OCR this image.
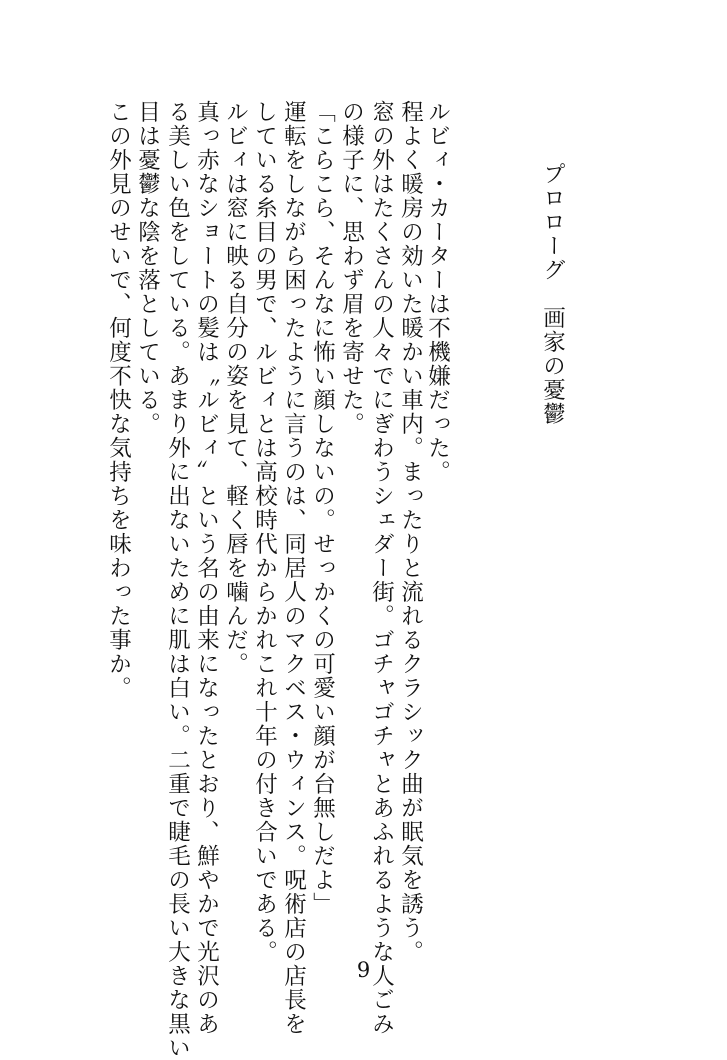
プロローグ　画家の憂鬱
ルビィ・カーターは不機嫌だった。
程よく暖房の効いた暖かい車内。まったりと流れるクラシック曲が眠気を誘う。
窓の外はたくさんの人々でにぎわうシェダー街。ゴチャゴチャとあふれるような人ごみ
の様子に、思わず眉を寄せた。
「こらこら、そんなに怖い顔しないの。せっかくの可愛い顔が台無しだよ」
運転をしながら困ったように言うのは、同居人のマクベス・ウィンス。呪術店の店長を
している糸目の男で、ルビィとは高校時代からかれこれ十年の付き合いである。
ルビィは窓に映る自分の姿を見て、軽く唇を噛んだ。
真っ赤なショートの髪は〝ルビィ〟という名の由来になったとおり、鮮やかで光沢のあ
る美しい色をしている。あまり外に出ないために肌は白い。二重で睫毛の長い大きな黒い
目は憂鬱な陰を落としている。
この外見のせいで、何度不快な気持ちを味わった事か。
9
